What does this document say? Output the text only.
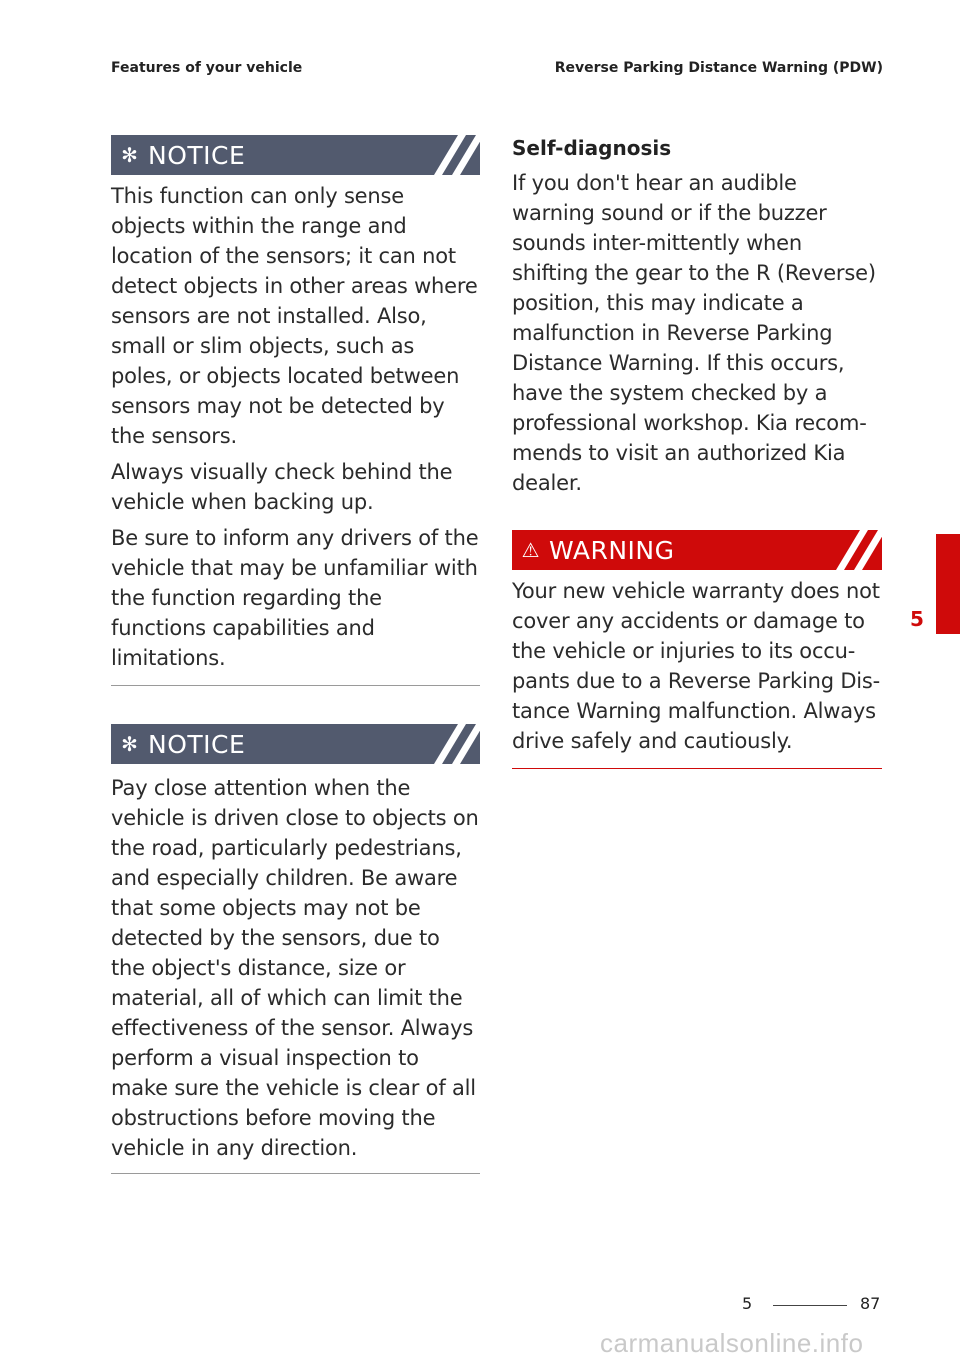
Features of your vehicle	Reverse Parking Distance Warning (PDW)
✻ NOTICE

This function can only sense objects within the range and location of the sensors; it can not detect objects in other areas where sensors are not installed. Also, small or slim objects, such as poles, or objects located between sensors may not be detected by the sensors.

Always visually check behind the vehicle when backing up.

Be sure to inform any drivers of the vehicle that may be unfamiliar with the function regarding the functions capabilities and limitations.

✻ NOTICE

Pay close attention when the vehicle is driven close to objects on the road, particularly pedestrians, and especially children. Be aware that some objects may not be detected by the sensors, due to the object's distance, size or material, all of which can limit the effectiveness of the sensor. Always perform a visual inspection to make sure the vehicle is clear of all obstructions before moving the vehicle in any direction.

Self-diagnosis

If you don't hear an audible warning sound or if the buzzer sounds inter-mittently when shifting the gear to the R (Reverse) position, this may indicate a malfunction in Reverse Parking Distance Warning. If this occurs, have the system checked by a professional workshop. Kia recom-mends to visit an authorized Kia dealer.

⚠ WARNING

Your new vehicle warranty does not cover any accidents or damage to the vehicle or injuries to its occu-pants due to a Reverse Parking Dis-tance Warning malfunction. Always drive safely and cautiously.

5
5	87
carmanualsonline.info
